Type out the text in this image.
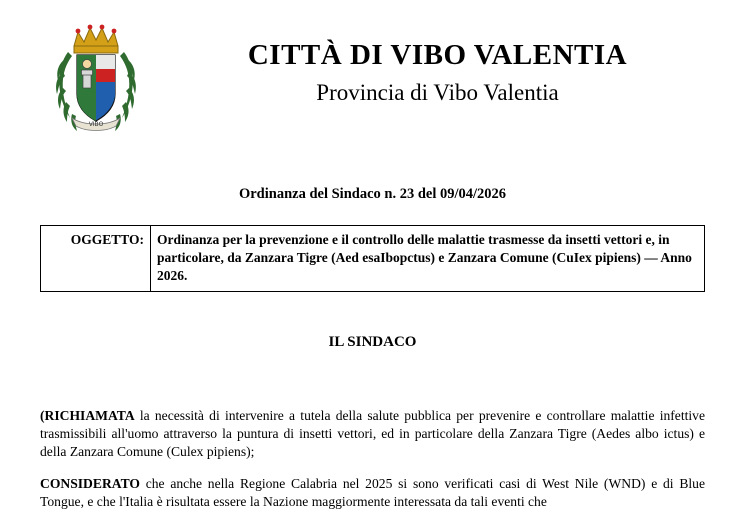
VIBO
CITTÀ DI VIBO VALENTIA
Provincia di Vibo Valentia
Ordinanza del Sindaco n. 23 del 09/04/2026
OGGETTO:	Ordinanza per la prevenzione e il controllo delle malattie trasmesse da insetti vettori e, in particolare, da Zanzara Tigre (Aed esaIbopctus) e Zanzara Comune (CuIex pipiens) — Anno 2026.
IL SINDACO

(RICHIAMATA la necessità di intervenire a tutela della salute pubblica per prevenire e controllare malattie infettive trasmissibili all'uomo attraverso la puntura di insetti vettori, ed in particolare della Zanzara Tigre (Aedes albo ictus) e della Zanzara Comune (Culex pipiens);

CONSIDERATO che anche nella Regione Calabria nel 2025 si sono verificati casi di West Nile (WND) e di Blue Tongue, e che l'Italia è risultata essere la Nazione maggiormente interessata da tali eventi che
